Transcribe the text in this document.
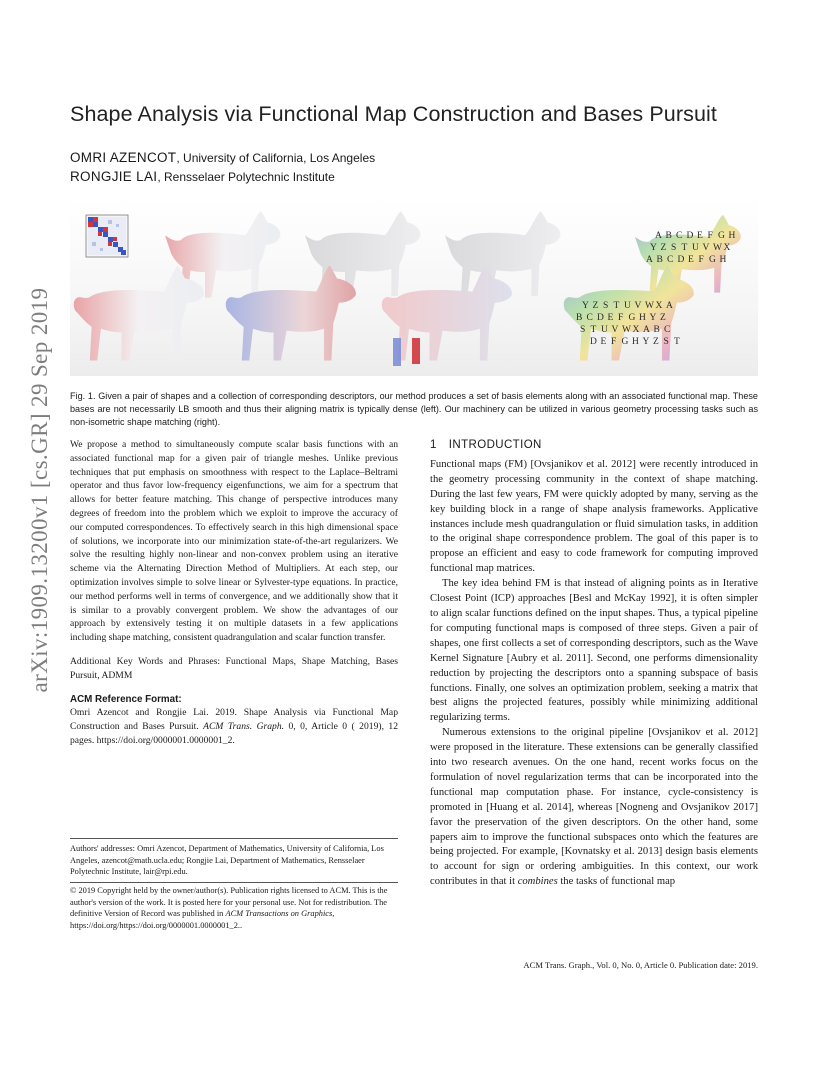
arXiv:1909.13200v1 [cs.GR] 29 Sep 2019
Shape Analysis via Functional Map Construction and Bases Pursuit
OMRI AZENCOT, University of California, Los Angeles
RONGJIE LAI, Rensselaer Polytechnic Institute
A B C D E F G H
Y Z S T U V W X
A B C D E F G H
Y Z S T U V W X A
B C D E F G H Y Z
S T U V W X A B C
D E F G H Y Z S T
Fig. 1. Given a pair of shapes and a collection of corresponding descriptors, our method produces a set of basis elements along with an associated functional map. These bases are not necessarily LB smooth and thus their aligning matrix is typically dense (left). Our machinery can be utilized in various geometry processing tasks such as non-isometric shape matching (right).

We propose a method to simultaneously compute scalar basis functions with an associated functional map for a given pair of triangle meshes. Unlike previous techniques that put emphasis on smoothness with respect to the Laplace–Beltrami operator and thus favor low-frequency eigenfunctions, we aim for a spectrum that allows for better feature matching. This change of perspective introduces many degrees of freedom into the problem which we exploit to improve the accuracy of our computed correspondences. To effectively search in this high dimensional space of solutions, we incorporate into our minimization state-of-the-art regularizers. We solve the resulting highly non-linear and non-convex problem using an iterative scheme via the Alternating Direction Method of Multipliers. At each step, our optimization involves simple to solve linear or Sylvester-type equations. In practice, our method performs well in terms of convergence, and we additionally show that it is similar to a provably convergent problem. We show the advantages of our approach by extensively testing it on multiple datasets in a few applications including shape matching, consistent quadrangulation and scalar function transfer.

Additional Key Words and Phrases: Functional Maps, Shape Matching, Bases Pursuit, ADMM

ACM Reference Format:

Omri Azencot and Rongjie Lai. 2019. Shape Analysis via Functional Map Construction and Bases Pursuit. ACM Trans. Graph. 0, 0, Article 0 ( 2019), 12 pages. https://doi.org/0000001.0000001_2.

Authors' addresses: Omri Azencot, Department of Mathematics, University of California, Los Angeles, azencot@math.ucla.edu; Rongjie Lai, Department of Mathematics, Rensselaer Polytechnic Institute, lair@rpi.edu.
© 2019 Copyright held by the owner/author(s). Publication rights licensed to ACM. This is the author's version of the work. It is posted here for your personal use. Not for redistribution. The definitive Version of Record was published in ACM Transactions on Graphics, https://doi.org/https://doi.org/0000001.0000001_2..
1 INTRODUCTION

Functional maps (FM) [Ovsjanikov et al. 2012] were recently introduced in the geometry processing community in the context of shape matching. During the last few years, FM were quickly adopted by many, serving as the key building block in a range of shape analysis frameworks. Applicative instances include mesh quadrangulation or fluid simulation tasks, in addition to the original shape correspondence problem. The goal of this paper is to propose an efficient and easy to code framework for computing improved functional map matrices.

The key idea behind FM is that instead of aligning points as in Iterative Closest Point (ICP) approaches [Besl and McKay 1992], it is often simpler to align scalar functions defined on the input shapes. Thus, a typical pipeline for computing functional maps is composed of three steps. Given a pair of shapes, one first collects a set of corresponding descriptors, such as the Wave Kernel Signature [Aubry et al. 2011]. Second, one performs dimensionality reduction by projecting the descriptors onto a spanning subspace of basis functions. Finally, one solves an optimization problem, seeking a matrix that best aligns the projected features, possibly while minimizing additional regularizing terms.

Numerous extensions to the original pipeline [Ovsjanikov et al. 2012] were proposed in the literature. These extensions can be generally classified into two research avenues. On the one hand, recent works focus on the formulation of novel regularization terms that can be incorporated into the functional map computation phase. For instance, cycle-consistency is promoted in [Huang et al. 2014], whereas [Nogneng and Ovsjanikov 2017] favor the preservation of the given descriptors. On the other hand, some papers aim to improve the functional subspaces onto which the features are being projected. For example, [Kovnatsky et al. 2013] design basis elements to account for sign or ordering ambiguities. In this context, our work contributes in that it combines the tasks of functional map

ACM Trans. Graph., Vol. 0, No. 0, Article 0. Publication date: 2019.
